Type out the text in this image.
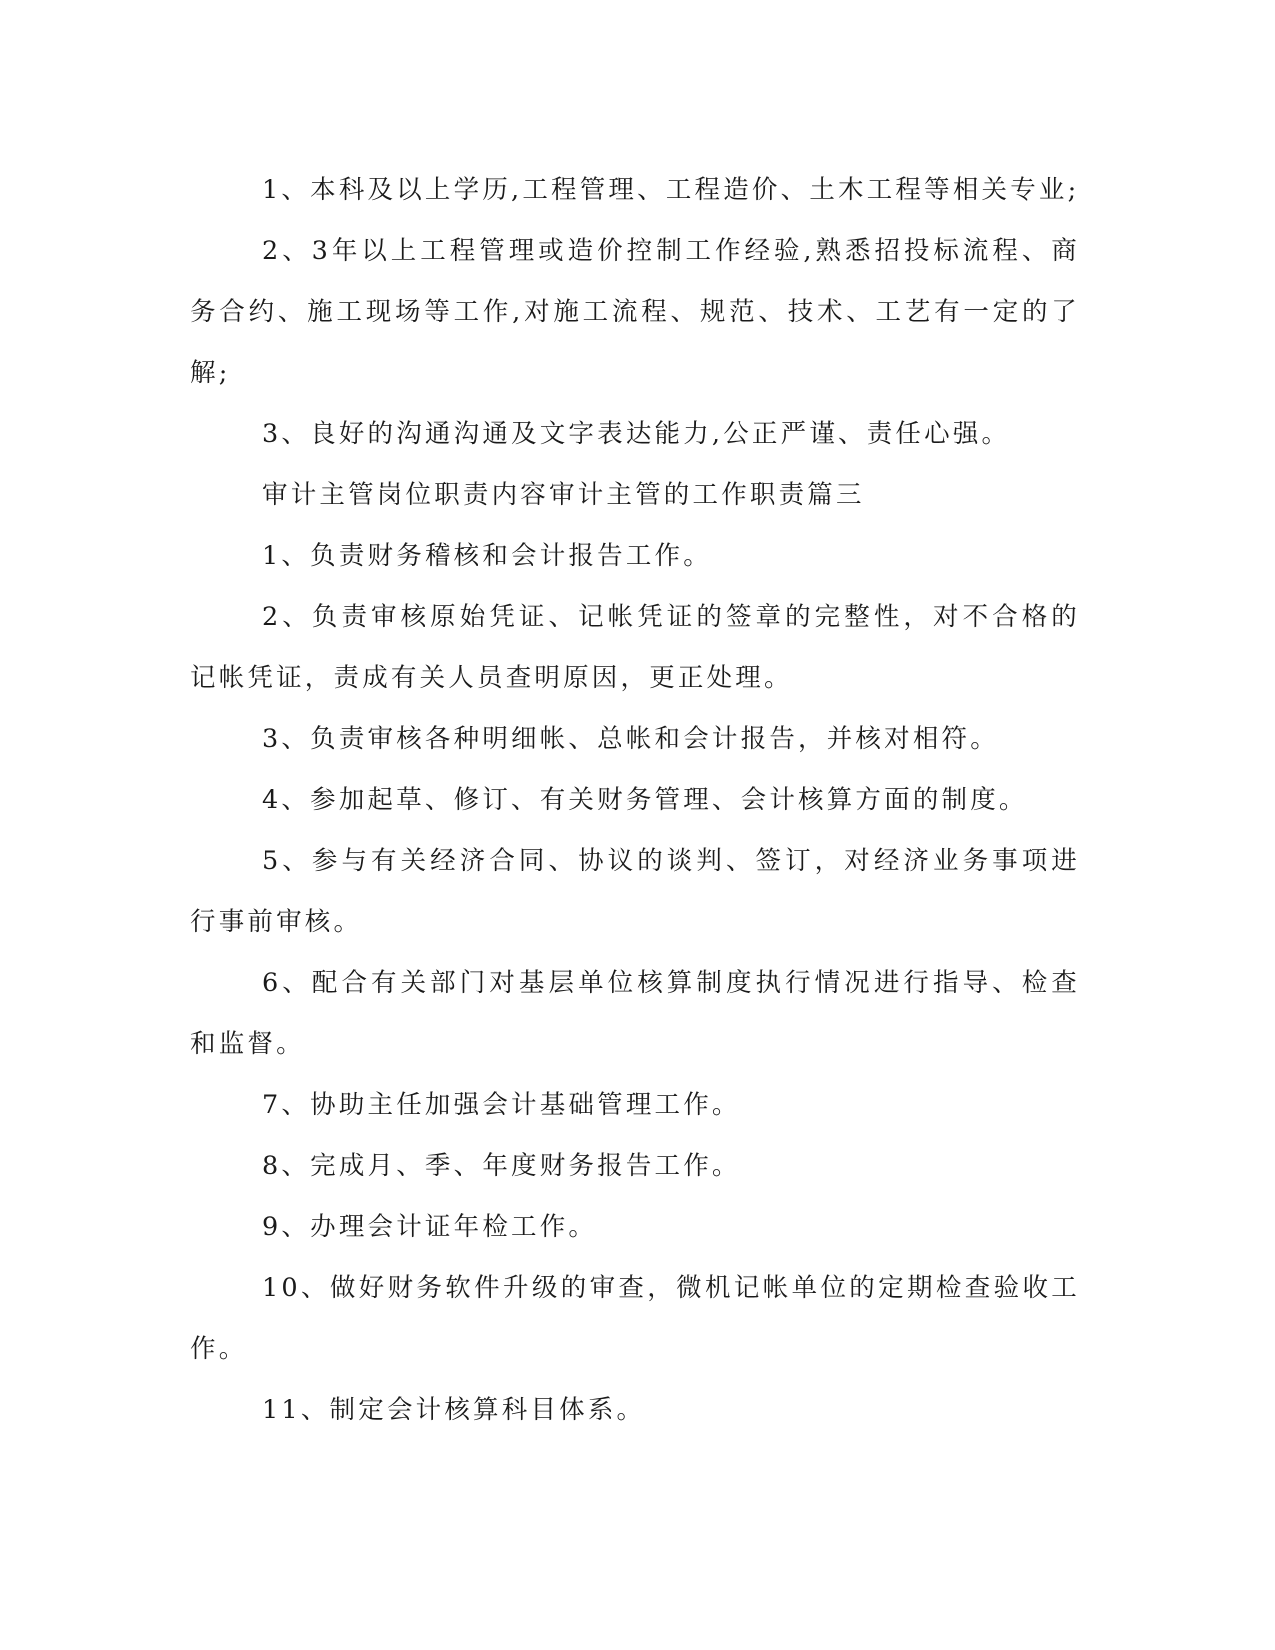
1、本科及以上学历,工程管理、工程造价、土木工程等相关专业;

2、3年以上工程管理或造价控制工作经验,熟悉招投标流程、商务合约、施工现场等工作,对施工流程、规范、技术、工艺有一定的了解;

3、良好的沟通沟通及文字表达能力,公正严谨、责任心强。

审计主管岗位职责内容审计主管的工作职责篇三

1、负责财务稽核和会计报告工作。

2、负责审核原始凭证、记帐凭证的签章的完整性，对不合格的记帐凭证，责成有关人员查明原因，更正处理。

3、负责审核各种明细帐、总帐和会计报告，并核对相符。

4、参加起草、修订、有关财务管理、会计核算方面的制度。

5、参与有关经济合同、协议的谈判、签订，对经济业务事项进行事前审核。

6、配合有关部门对基层单位核算制度执行情况进行指导、检查和监督。

7、协助主任加强会计基础管理工作。

8、完成月、季、年度财务报告工作。

9、办理会计证年检工作。

10、做好财务软件升级的审查，微机记帐单位的定期检查验收工作。

11、制定会计核算科目体系。
